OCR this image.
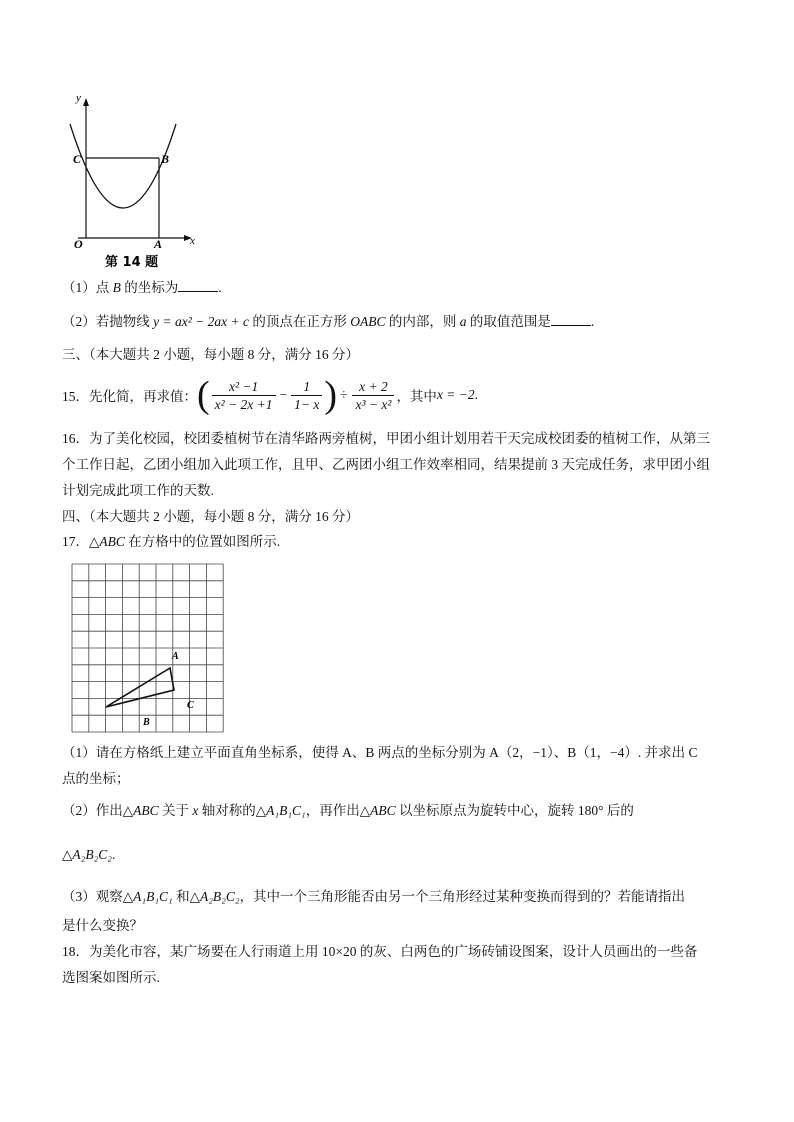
y
x
C	B
O	A
第 14 题
（1）点 B 的坐标为	.
（2）若抛物线 y = ax² − 2ax + c 的顶点在正方形 OABC 的内部，则 a 的取值范围是	.
三、（本大题共 2 小题，每小题 8 分，满分 16 分）
15．先化简，再求值： ( $\frac{\text{x² −1}}{\text{x² − 2x +1}} - \frac{1}{1- x}$ ) ÷ $\frac{x + 2}{\text{x³ − x²}}$ ，其中 x = −2 .
16．为了美化校园，校团委植树节在清华路两旁植树，甲团小组计划用若干天完成校团委的植树工作，从第三
个工作日起，乙团小组加入此项工作，且甲、乙两团小组工作效率相同，结果提前 3 天完成任务，求甲团小组
计划完成此项工作的天数.
四、（本大题共 2 小题，每小题 8 分，满分 16 分）
17．△ABC 在方格中的位置如图所示.
A
B
C
（1）请在方格纸上建立平面直角坐标系，使得 A、B 两点的坐标分别为 A（2，−1）、B（1，−4）. 并求出 C
点的坐标；
（2）作出△ABC 关于 x 轴对称的△A₁B₁C₁，再作出△ABC 以坐标原点为旋转中心，旋转 180° 后的
△A₂B₂C₂.
（3）观察△A₁B₁C₁ 和△A₂B₂C₂，其中一个三角形能否由另一个三角形经过某种变换而得到的？若能请指出
是什么变换？
18．为美化市容，某广场要在人行雨道上用 10×20 的灰、白两色的广场砖铺设图案，设计人员画出的一些备
选图案如图所示.
